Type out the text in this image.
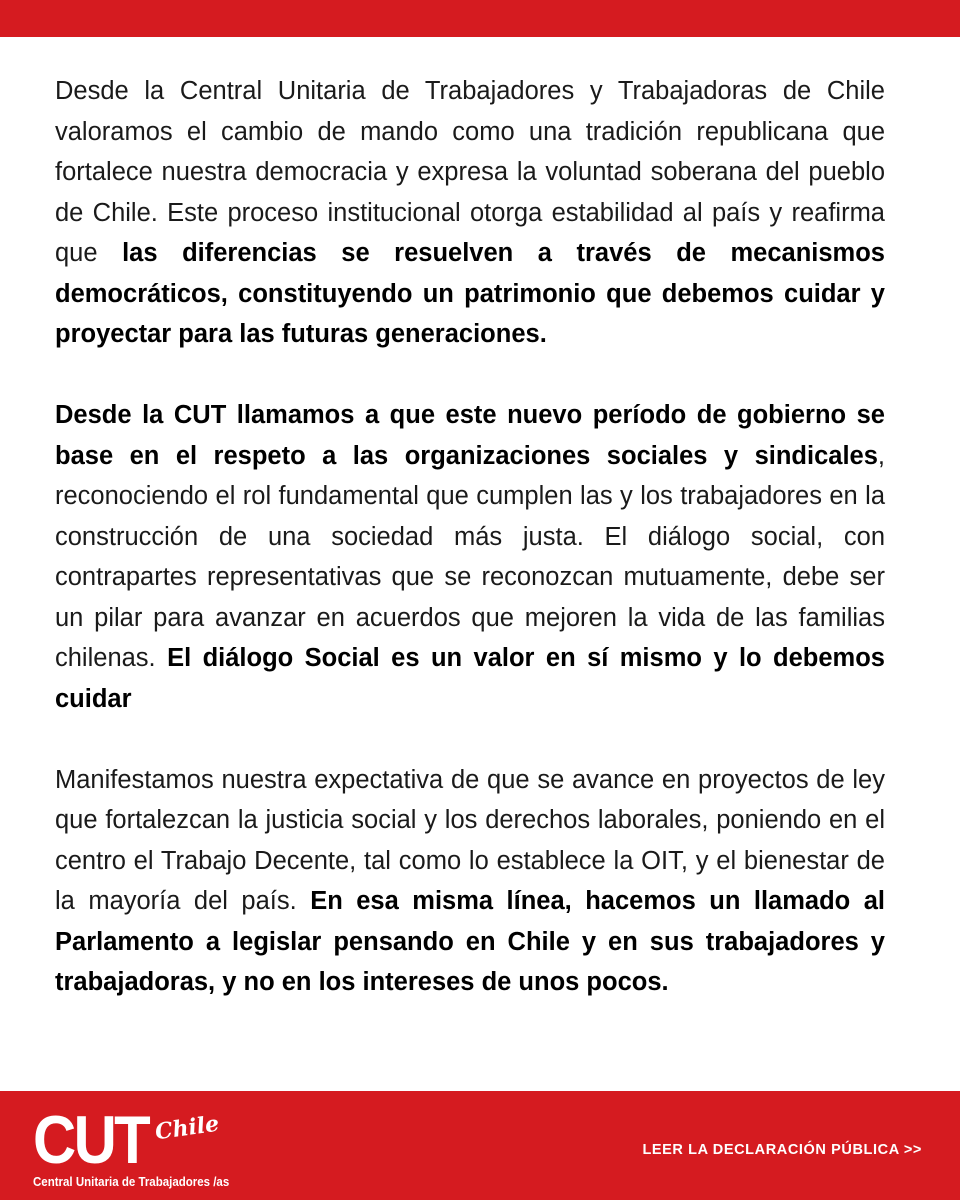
Desde la Central Unitaria de Trabajadores y Trabajadoras de Chile valoramos el cambio de mando como una tradición republicana que fortalece nuestra democracia y expresa la voluntad soberana del pueblo de Chile. Este proceso institucional otorga estabilidad al país y reafirma que las diferencias se resuelven a través de mecanismos democráticos, constituyendo un patrimonio que debemos cuidar y proyectar para las futuras generaciones.

Desde la CUT llamamos a que este nuevo período de gobierno se base en el respeto a las organizaciones sociales y sindicales, reconociendo el rol fundamental que cumplen las y los trabajadores en la construcción de una sociedad más justa. El diálogo social, con contrapartes representativas que se reconozcan mutuamente, debe ser un pilar para avanzar en acuerdos que mejoren la vida de las familias chilenas. El diálogo Social es un valor en sí mismo y lo debemos cuidar

Manifestamos nuestra expectativa de que se avance en proyectos de ley que fortalezcan la justicia social y los derechos laborales, poniendo en el centro el Trabajo Decente, tal como lo establece la OIT, y el bienestar de la mayoría del país. En esa misma línea, hacemos un llamado al Parlamento a legislar pensando en Chile y en sus trabajadores y trabajadoras, y no en los intereses de unos pocos.

CUT Chile
Central Unitaria de Trabajadores /as
LEER LA DECLARACIÓN PÚBLICA >>
